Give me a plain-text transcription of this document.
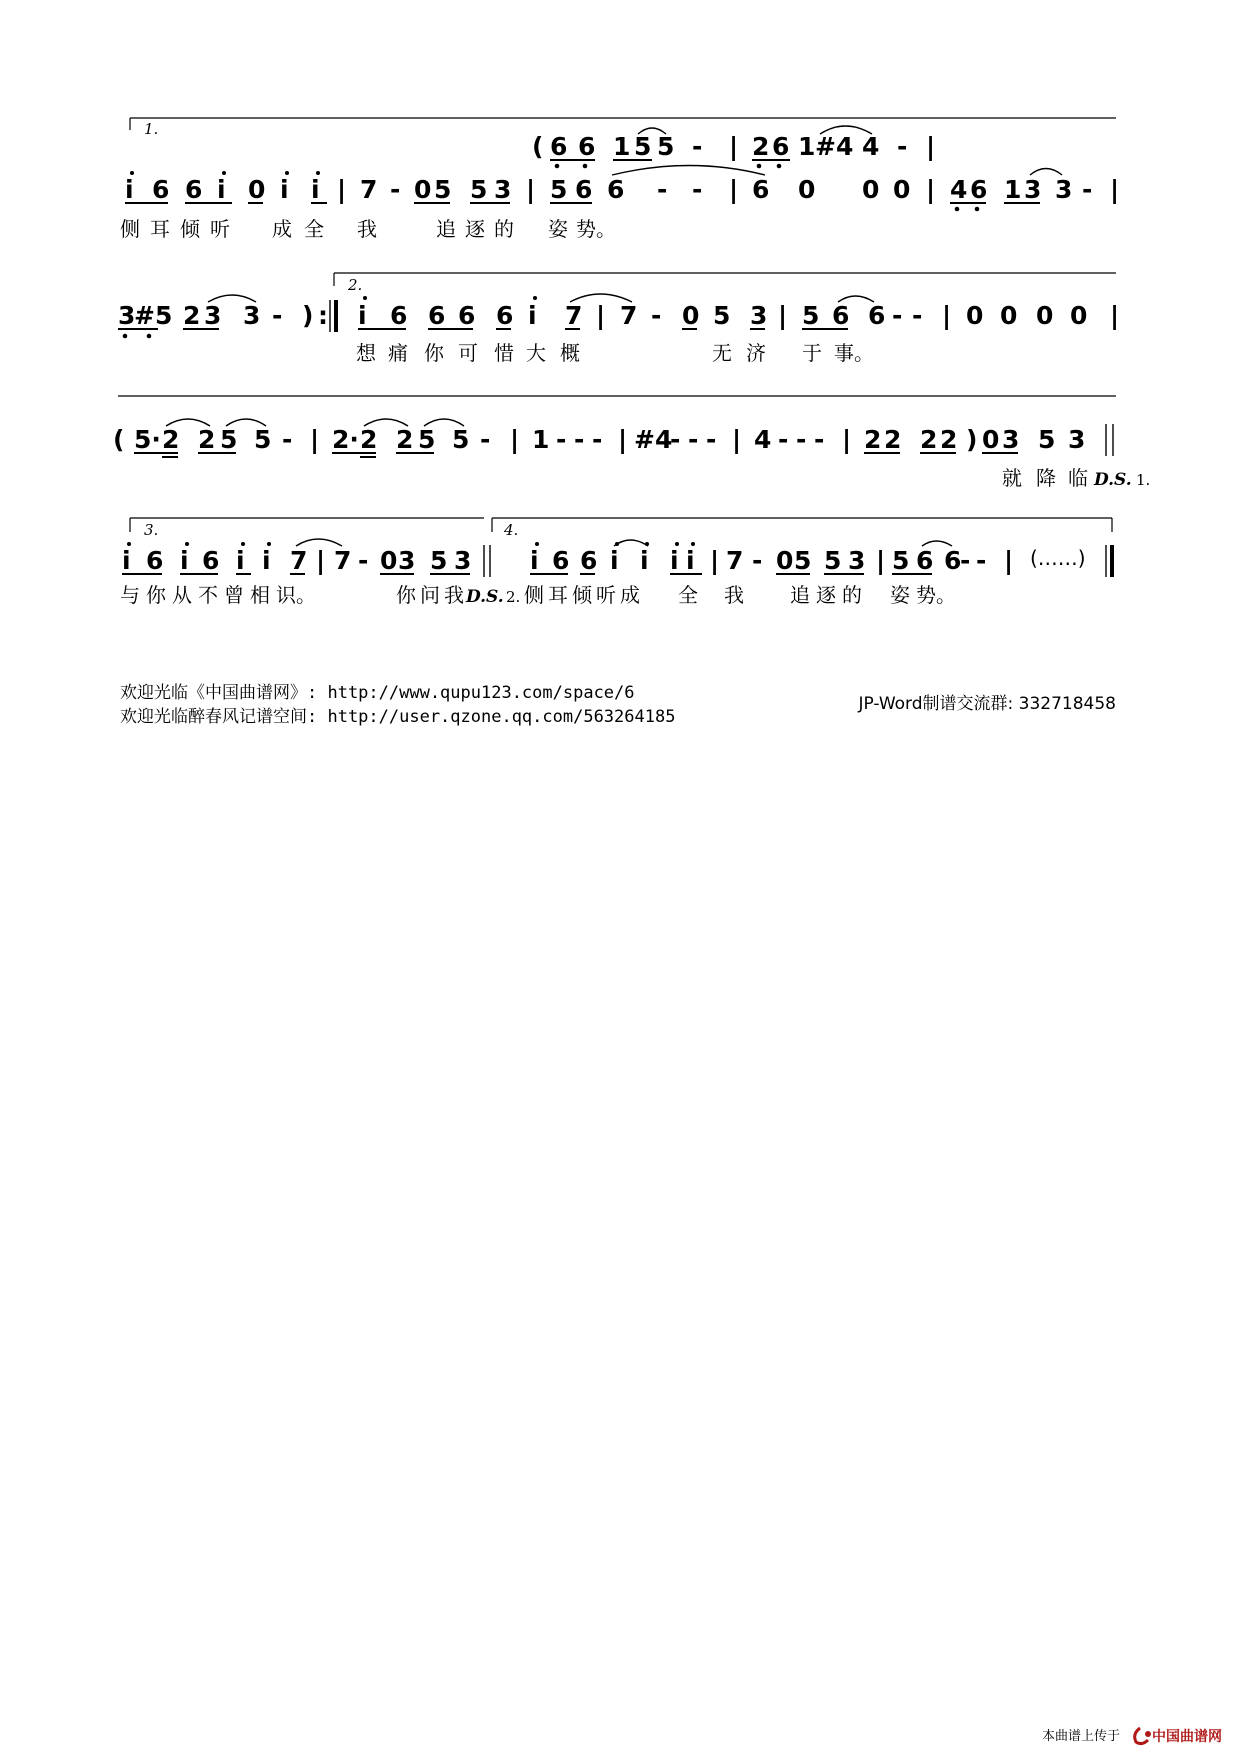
1.
( 6 6 1 5 5 - | 2 6 1 #4 4 - |
i 6 6 i 0 i i | 7 - 0 5 5 3 | 5 6 6 - - | 6 0 0 0 | 4 6 1 3 3 - |
侧 耳 倾 听 成 全 我	追 逐 的 姿 势。
2.
3
#5 2 3 3 - ) : i 6 6 6 6 i 7 | 7 - 0 5 3 | 5 6 6 - - | 0 0 0 0 |
想 痛 你 可 惜 大 概	无 济 于 事。
( 5· 2 2 5 5 - | 2· 2 2 5 5 - | 1 - - - | #4
- - - | 4 - - - | 2 2 2 2 ) 0 3 5 3
就 降 临 D.S. 1.
3.	4.
i 6 i 6 i i 7 | 7 - 0 3 5 3 i 6 6 i i i i | 7 - 0 5 5 3 | 5 6 6
- - | (……)
与 你 从 不 曾 相 识。	你 问 我 D.S. 2. 侧 耳 倾 听 成 全 我 追 逐 的 姿 势。
欢迎光临《中国曲谱网》: http://www.qupu123.com/space/6
欢迎光临醉春风记谱空间: http://user.qzone.qq.com/563264185
JP-Word制谱交流群: 332718458
本曲谱上传于 中国曲谱网
